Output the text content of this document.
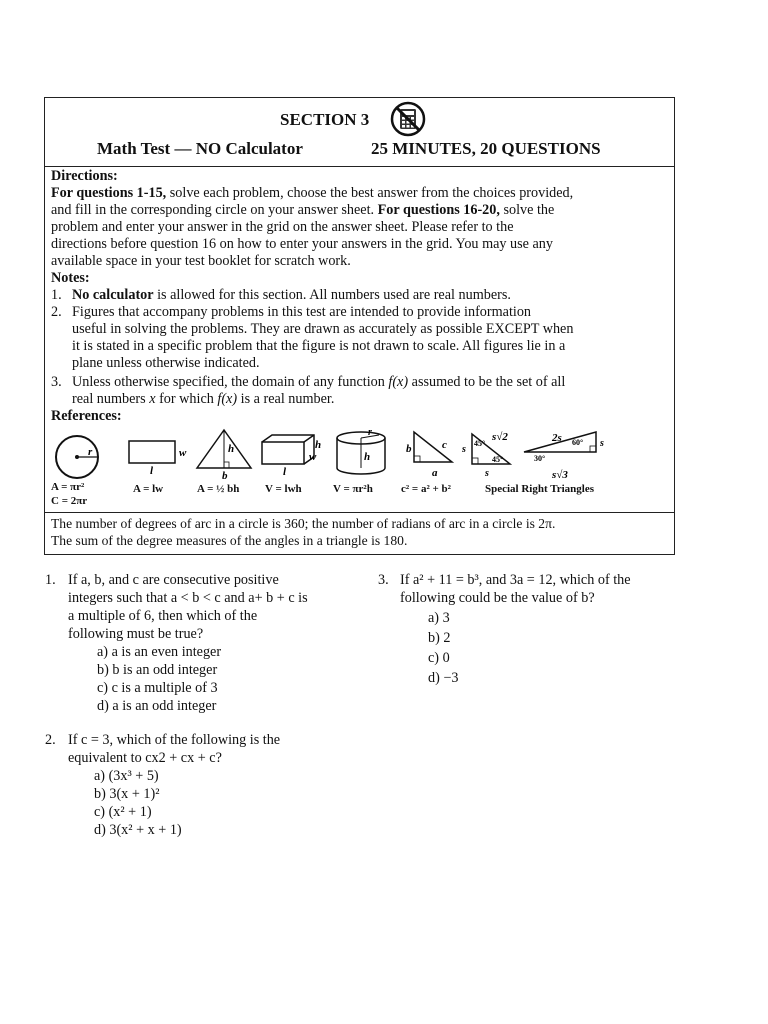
SECTION 3
Math Test — NO Calculator	25 MINUTES, 20 QUESTIONS
Directions:
For questions 1-15, solve each problem, choose the best answer from the choices provided,
and fill in the corresponding circle on your answer sheet. For questions 16-20, solve the
problem and enter your answer in the grid on the answer sheet. Please refer to the
directions before question 16 on how to enter your answers in the grid. You may use any
available space in your test booklet for scratch work.
Notes:
1. No calculator is allowed for this section. All numbers used are real numbers.
2. Figures that accompany problems in this test are intended to provide information
useful in solving the problems. They are drawn as accurately as possible EXCEPT when
it is stated in a specific problem that the figure is not drawn to scale. All figures lie in a
plane unless otherwise indicated.
3. Unless otherwise specified, the domain of any function f(x) assumed to be the set of all
real numbers x for which f(x) is a real number.
References:
r	w
l
h
b
h
w
l
r
h
b	c
a
s
45°
45°
s√2
s
2s 60° s
30°
s√3
A = πr²
C = 2πr
A = lw	A = ½ bh V = lwh	V = πr²h	c² = a² + b²	Special Right Triangles
The number of degrees of arc in a circle is 360; the number of radians of arc in a circle is 2π.
The sum of the degree measures of the angles in a triangle is 180.
1. If a, b, and c are consecutive positive
integers such that a < b < c and a+ b + c is
a multiple of 6, then which of the
following must be true?
a) a is an even integer
b) b is an odd integer
c) c is a multiple of 3
d) a is an odd integer
2. If c = 3, which of the following is the
equivalent to cx2 + cx + c?
a) (3x³ + 5)
b) 3(x + 1)²
c) (x² + 1)
d) 3(x² + x + 1)
3. If a² + 11 = b³, and 3a = 12, which of the
following could be the value of b?
a) 3
b) 2
c) 0
d) −3
